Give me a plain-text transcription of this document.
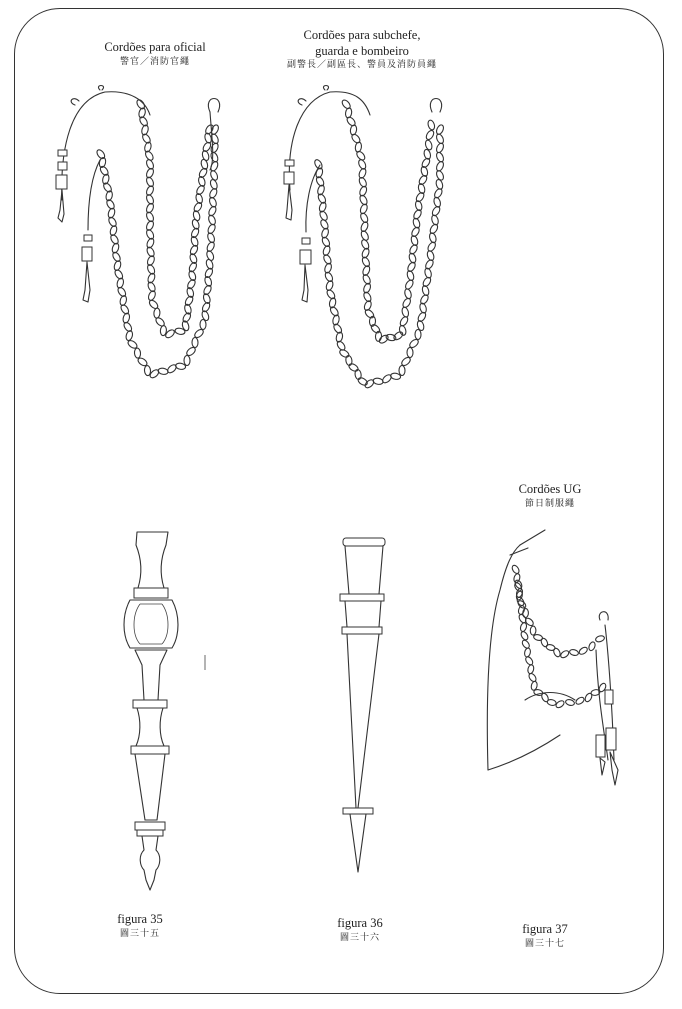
Cordões para oficial
警官／消防官繩
Cordões para subchefe,
guarda e bombeiro
副警長／副區長、警員及消防員繩
Cordões UG
節日制服繩
figura 35
圖三十五
figura 36
圖三十六
figura 37
圖三十七
